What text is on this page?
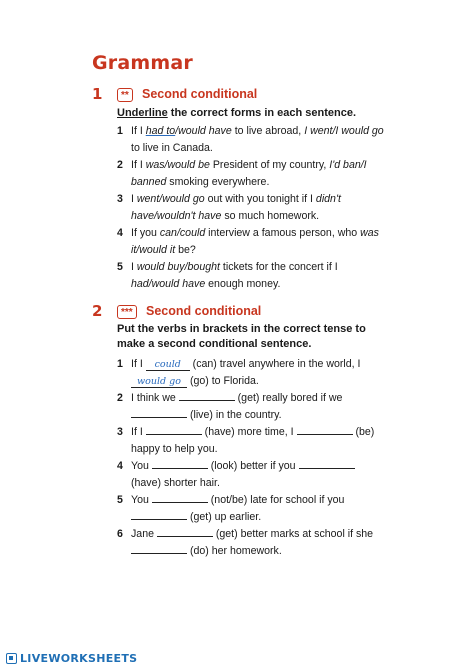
Grammar
1	**	Second conditional
Underline the correct forms in each sentence.
1 If I had to/would have to live abroad, I went/I would go to live in Canada.
2 If I was/would be President of my country, I'd ban/I banned smoking everywhere.
3 I went/would go out with you tonight if I didn't have/wouldn't have so much homework.
4 If you can/could interview a famous person, who was it/would it be?
5 I would buy/bought tickets for the concert if I had/would have enough money.
2	***	Second conditional
Put the verbs in brackets in the correct tense to make a second conditional sentence.
1 If I could (can) travel anywhere in the world, I would go (go) to Florida.
2 I think we	(get) really bored if we  (live) in the country.
3 If I	(have) more time, I	(be) happy to help you.
4 You	(look) better if you  (have) shorter hair.
5 You	(not/be) late for school if you  (get) up earlier.
6 Jane	(get) better marks at school if she  (do) her homework.
LIVEWORKSHEETS
